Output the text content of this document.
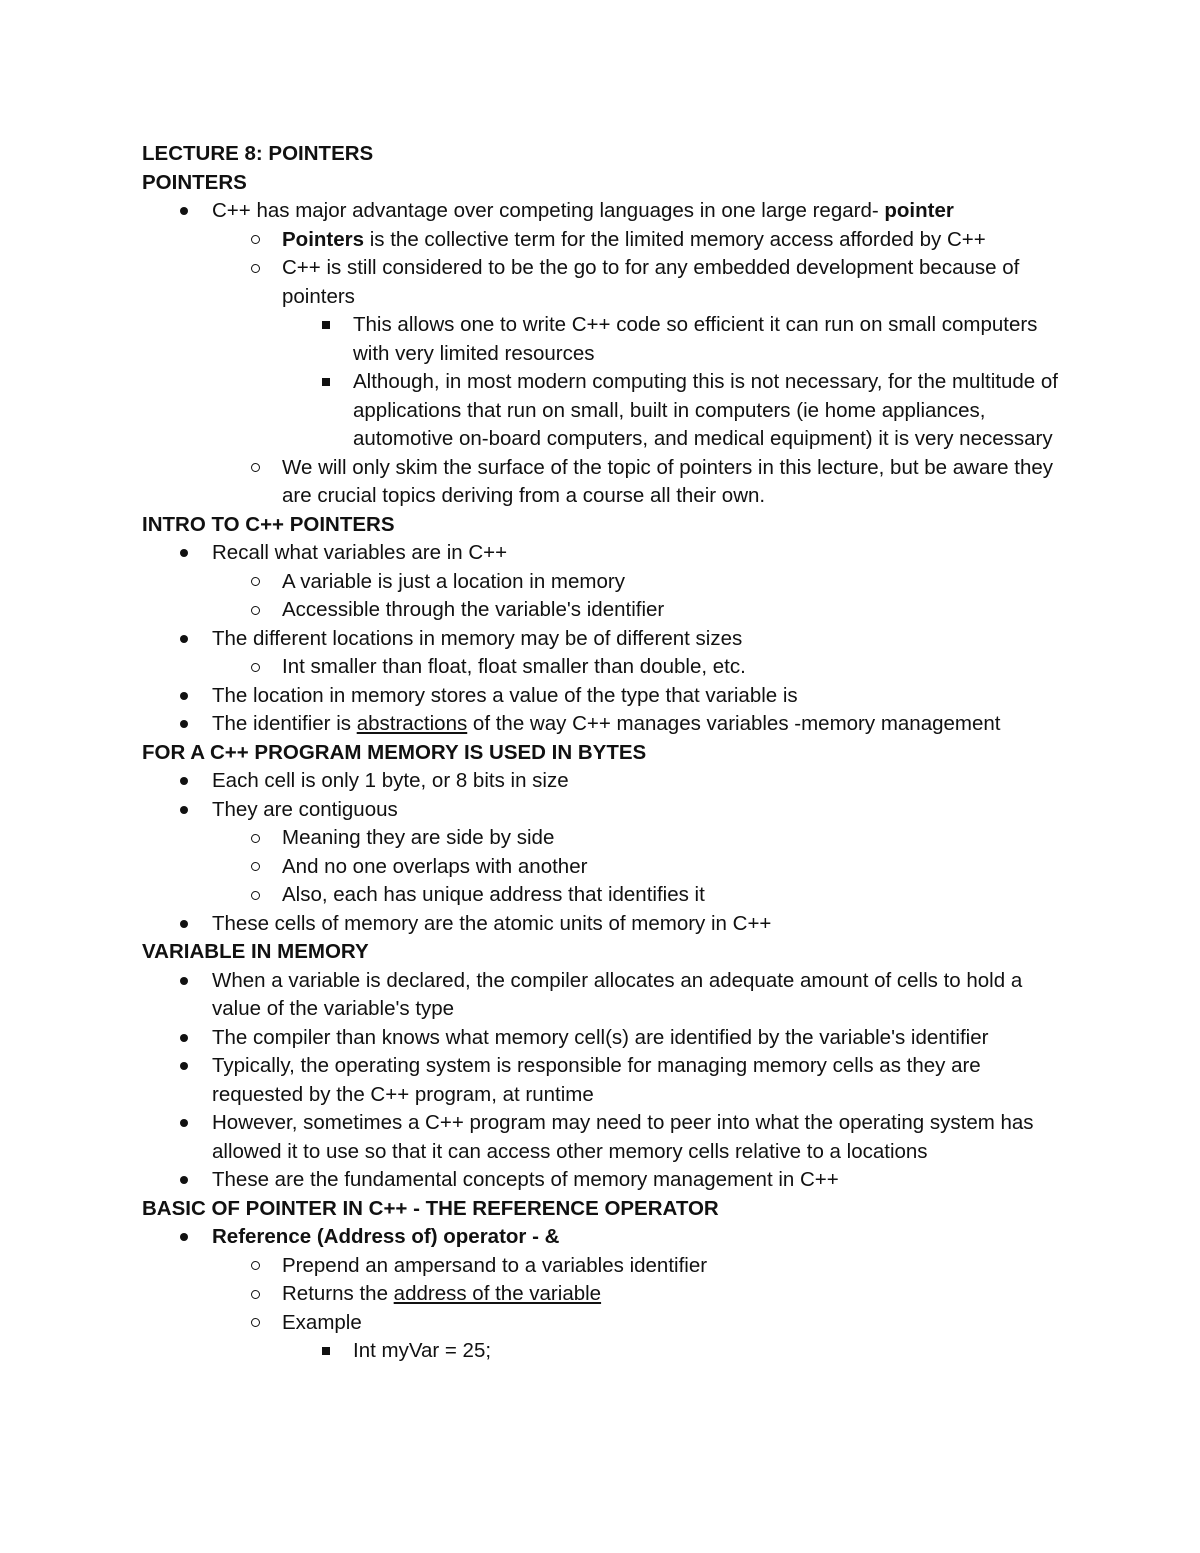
LECTURE 8: POINTERS
POINTERS
C++ has major advantage over competing languages in one large regard- pointer
Pointers is the collective term for the limited memory access afforded by C++
C++ is still considered to be the go to for any embedded development because of pointers
This allows one to write C++ code so efficient it can run on small computers with very limited resources
Although, in most modern computing this is not necessary, for the multitude of applications that run on small, built in computers (ie home appliances, automotive on-board computers, and medical equipment) it is very necessary
We will only skim the surface of the topic of pointers in this lecture, but be aware they are crucial topics deriving from a course all their own.
INTRO TO C++ POINTERS
Recall what variables are in C++
A variable is just a location in memory
Accessible through the variable's identifier
The different locations in memory may be of different sizes
Int smaller than float, float smaller than double, etc.
The location in memory stores a value of the type that variable is
The identifier is abstractions of the way C++ manages variables -memory management
FOR A C++ PROGRAM MEMORY IS USED IN BYTES
Each cell is only 1 byte, or 8 bits in size
They are contiguous
Meaning they are side by side
And no one overlaps with another
Also, each has unique address that identifies it
These cells of memory are the atomic units of memory in C++
VARIABLE IN MEMORY
When a variable is declared, the compiler allocates an adequate amount of cells to hold a value of the variable's type
The compiler than knows what memory cell(s) are identified by the variable's identifier
Typically, the operating system is responsible for managing memory cells as they are requested by the C++ program, at runtime
However, sometimes a C++ program may need to peer into what the operating system has allowed it to use so that it can access other memory cells relative to a locations
These are the fundamental concepts of memory management in C++
BASIC OF POINTER IN C++ - THE REFERENCE OPERATOR
Reference (Address of) operator - &
Prepend an ampersand to a variables identifier
Returns the address of the variable
Example
Int myVar = 25;
